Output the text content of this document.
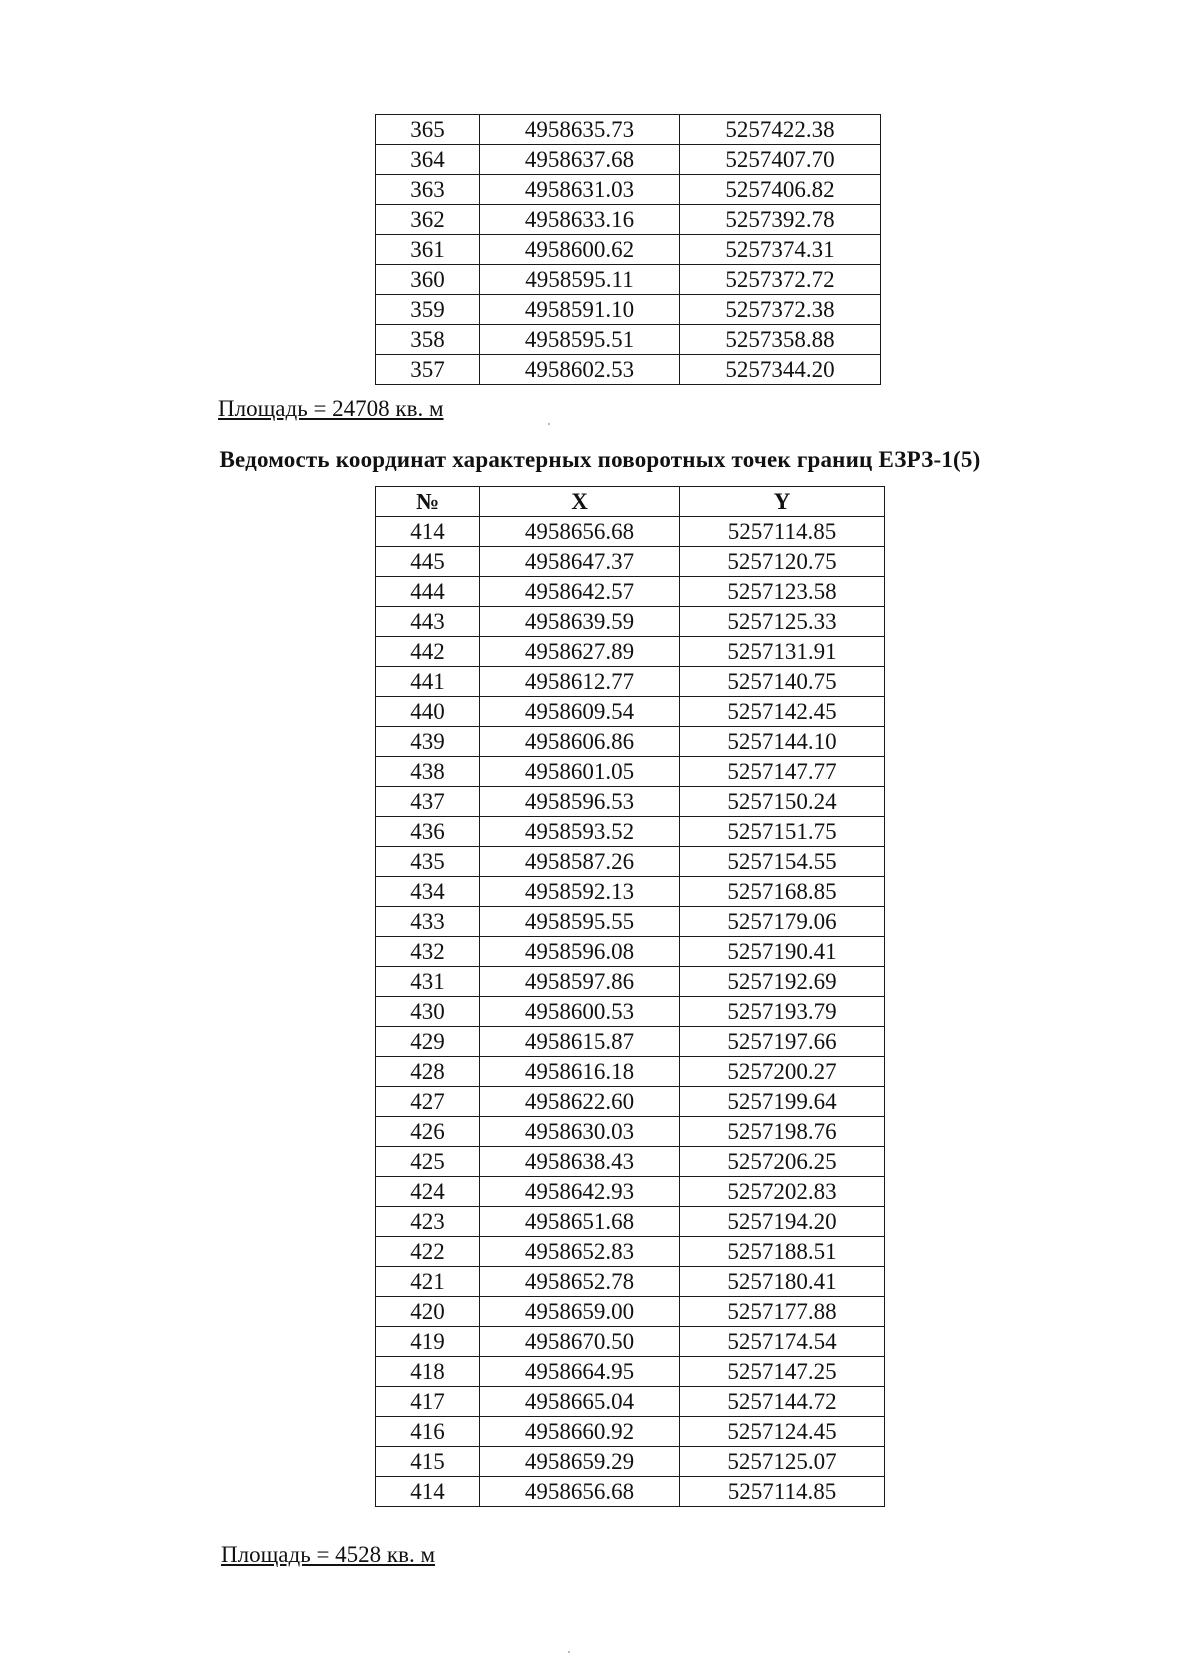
365	4958635.73	5257422.38
364	4958637.68	5257407.70
363	4958631.03	5257406.82
362	4958633.16	5257392.78
361	4958600.62	5257374.31
360	4958595.11	5257372.72
359	4958591.10	5257372.38
358	4958595.51	5257358.88
357	4958602.53	5257344.20
Площадь = 24708 кв. м
Ведомость координат характерных поворотных точек границ ЕЗРЗ-1(5)
№	X	Y
414	4958656.68	5257114.85
445	4958647.37	5257120.75
444	4958642.57	5257123.58
443	4958639.59	5257125.33
442	4958627.89	5257131.91
441	4958612.77	5257140.75
440	4958609.54	5257142.45
439	4958606.86	5257144.10
438	4958601.05	5257147.77
437	4958596.53	5257150.24
436	4958593.52	5257151.75
435	4958587.26	5257154.55
434	4958592.13	5257168.85
433	4958595.55	5257179.06
432	4958596.08	5257190.41
431	4958597.86	5257192.69
430	4958600.53	5257193.79
429	4958615.87	5257197.66
428	4958616.18	5257200.27
427	4958622.60	5257199.64
426	4958630.03	5257198.76
425	4958638.43	5257206.25
424	4958642.93	5257202.83
423	4958651.68	5257194.20
422	4958652.83	5257188.51
421	4958652.78	5257180.41
420	4958659.00	5257177.88
419	4958670.50	5257174.54
418	4958664.95	5257147.25
417	4958665.04	5257144.72
416	4958660.92	5257124.45
415	4958659.29	5257125.07
414	4958656.68	5257114.85
Площадь = 4528 кв. м
